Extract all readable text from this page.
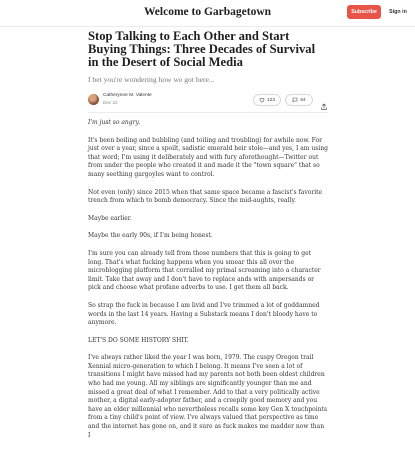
Welcome to Garbagetown	Subscribe	Sign in
Stop Talking to Each Other and Start Buying Things: Three Decades of Survival in the Desert of Social Media
I bet you're wondering how we got here...
Catherynne M. Valente
Dec 22	123	64

I'm just so angry.

It's been boiling and bubbling (and toiling and troubling) for awhile now. For just over a year, since a spoilt, sadistic emerald heir stole—and yes, I am using that word; I'm using it deliberately and with fury aforethought—Twitter out from under the people who created it and made it the "town square" that so many seething gargoyles want to control.

Not even (only) since 2015 when that same space became a fascist's favorite trench from which to bomb democracy. Since the mid-aughts, really.

Maybe earlier.

Maybe the early 90s, if I'm being honest.

I'm sure you can already tell from those numbers that this is going to get long. That's what fucking happens when you smear this all over the microblogging platform that corralled my primal screaming into a character limit. Take that away and I don't have to replace ands with ampersands or pick and choose what profane adverbs to use. I get them all back.

So strap the fuck in because I am livid and I've trimmed a lot of goddamned words in the last 14 years. Having a Substack means I don't bloody have to anymore.

LET'S DO SOME HISTORY SHIT.

I've always rather liked the year I was born, 1979. The cuspy Oregon trail Xennial micro-generation to which I belong. It means I've seen a lot of transitions I might have missed had my parents not both been oldest children who had me young. All my siblings are significantly younger than me and missed a great deal of what I remember. Add to that a very politically active mother, a digital early-adopter father, and a creepily good memory and you have an elder millennial who nevertheless recalls some key Gen X touchpoints from a tiny child's point of view. I've always valued that perspective as time and the internet has gone on, and it sure as fuck makes me madder now than I
